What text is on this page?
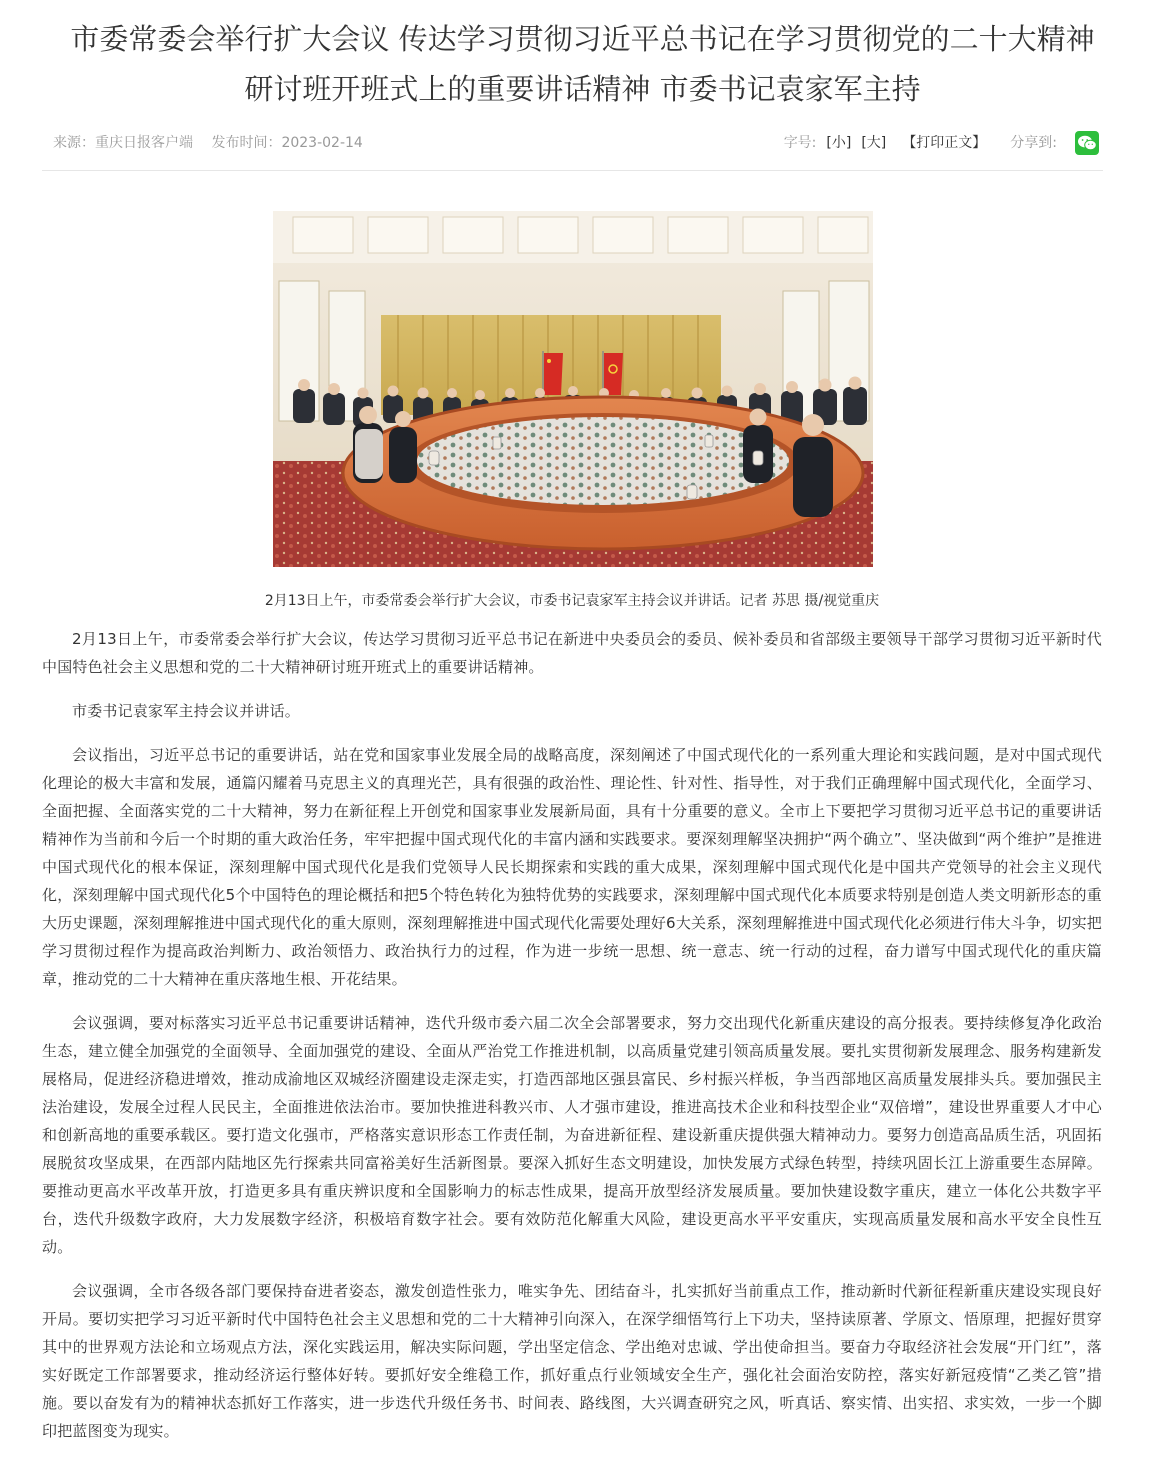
市委常委会举行扩大会议 传达学习贯彻习近平总书记在学习贯彻党的二十大精神
研讨班开班式上的重要讲话精神 市委书记袁家军主持
来源：重庆日报客户端 发布时间：2023-02-14	字号: [小] [大] 【打印正文】 分享到:
2月13日上午，市委常委会举行扩大会议，市委书记袁家军主持会议并讲话。记者 苏思 摄/视觉重庆

2月13日上午，市委常委会举行扩大会议，传达学习贯彻习近平总书记在新进中央委员会的委员、候补委员和省部级主要领导干部学习贯彻习近平新时代中国特色社会主义思想和党的二十大精神研讨班开班式上的重要讲话精神。

市委书记袁家军主持会议并讲话。

会议指出，习近平总书记的重要讲话，站在党和国家事业发展全局的战略高度，深刻阐述了中国式现代化的一系列重大理论和实践问题，是对中国式现代化理论的极大丰富和发展，通篇闪耀着马克思主义的真理光芒，具有很强的政治性、理论性、针对性、指导性，对于我们正确理解中国式现代化，全面学习、全面把握、全面落实党的二十大精神，努力在新征程上开创党和国家事业发展新局面，具有十分重要的意义。全市上下要把学习贯彻习近平总书记的重要讲话精神作为当前和今后一个时期的重大政治任务，牢牢把握中国式现代化的丰富内涵和实践要求。要深刻理解坚决拥护“两个确立”、坚决做到“两个维护”是推进中国式现代化的根本保证，深刻理解中国式现代化是我们党领导人民长期探索和实践的重大成果，深刻理解中国式现代化是中国共产党领导的社会主义现代化，深刻理解中国式现代化5个中国特色的理论概括和把5个特色转化为独特优势的实践要求，深刻理解中国式现代化本质要求特别是创造人类文明新形态的重大历史课题，深刻理解推进中国式现代化的重大原则，深刻理解推进中国式现代化需要处理好6大关系，深刻理解推进中国式现代化必须进行伟大斗争，切实把学习贯彻过程作为提高政治判断力、政治领悟力、政治执行力的过程，作为进一步统一思想、统一意志、统一行动的过程，奋力谱写中国式现代化的重庆篇章，推动党的二十大精神在重庆落地生根、开花结果。

会议强调，要对标落实习近平总书记重要讲话精神，迭代升级市委六届二次全会部署要求，努力交出现代化新重庆建设的高分报表。要持续修复净化政治生态，建立健全加强党的全面领导、全面加强党的建设、全面从严治党工作推进机制，以高质量党建引领高质量发展。要扎实贯彻新发展理念、服务构建新发展格局，促进经济稳进增效，推动成渝地区双城经济圈建设走深走实，打造西部地区强县富民、乡村振兴样板，争当西部地区高质量发展排头兵。要加强民主法治建设，发展全过程人民民主，全面推进依法治市。要加快推进科教兴市、人才强市建设，推进高技术企业和科技型企业“双倍增”，建设世界重要人才中心和创新高地的重要承载区。要打造文化强市，严格落实意识形态工作责任制，为奋进新征程、建设新重庆提供强大精神动力。要努力创造高品质生活，巩固拓展脱贫攻坚成果，在西部内陆地区先行探索共同富裕美好生活新图景。要深入抓好生态文明建设，加快发展方式绿色转型，持续巩固长江上游重要生态屏障。要推动更高水平改革开放，打造更多具有重庆辨识度和全国影响力的标志性成果，提高开放型经济发展质量。要加快建设数字重庆，建立一体化公共数字平台，迭代升级数字政府，大力发展数字经济，积极培育数字社会。要有效防范化解重大风险，建设更高水平平安重庆，实现高质量发展和高水平安全良性互动。

会议强调，全市各级各部门要保持奋进者姿态，激发创造性张力，唯实争先、团结奋斗，扎实抓好当前重点工作，推动新时代新征程新重庆建设实现良好开局。要切实把学习习近平新时代中国特色社会主义思想和党的二十大精神引向深入，在深学细悟笃行上下功夫，坚持读原著、学原文、悟原理，把握好贯穿其中的世界观方法论和立场观点方法，深化实践运用，解决实际问题，学出坚定信念、学出绝对忠诚、学出使命担当。要奋力夺取经济社会发展“开门红”，落实好既定工作部署要求，推动经济运行整体好转。要抓好安全维稳工作，抓好重点行业领域安全生产，强化社会面治安防控，落实好新冠疫情“乙类乙管”措施。要以奋发有为的精神状态抓好工作落实，进一步迭代升级任务书、时间表、路线图，大兴调查研究之风，听真话、察实情、出实招、求实效，一步一个脚印把蓝图变为现实。
